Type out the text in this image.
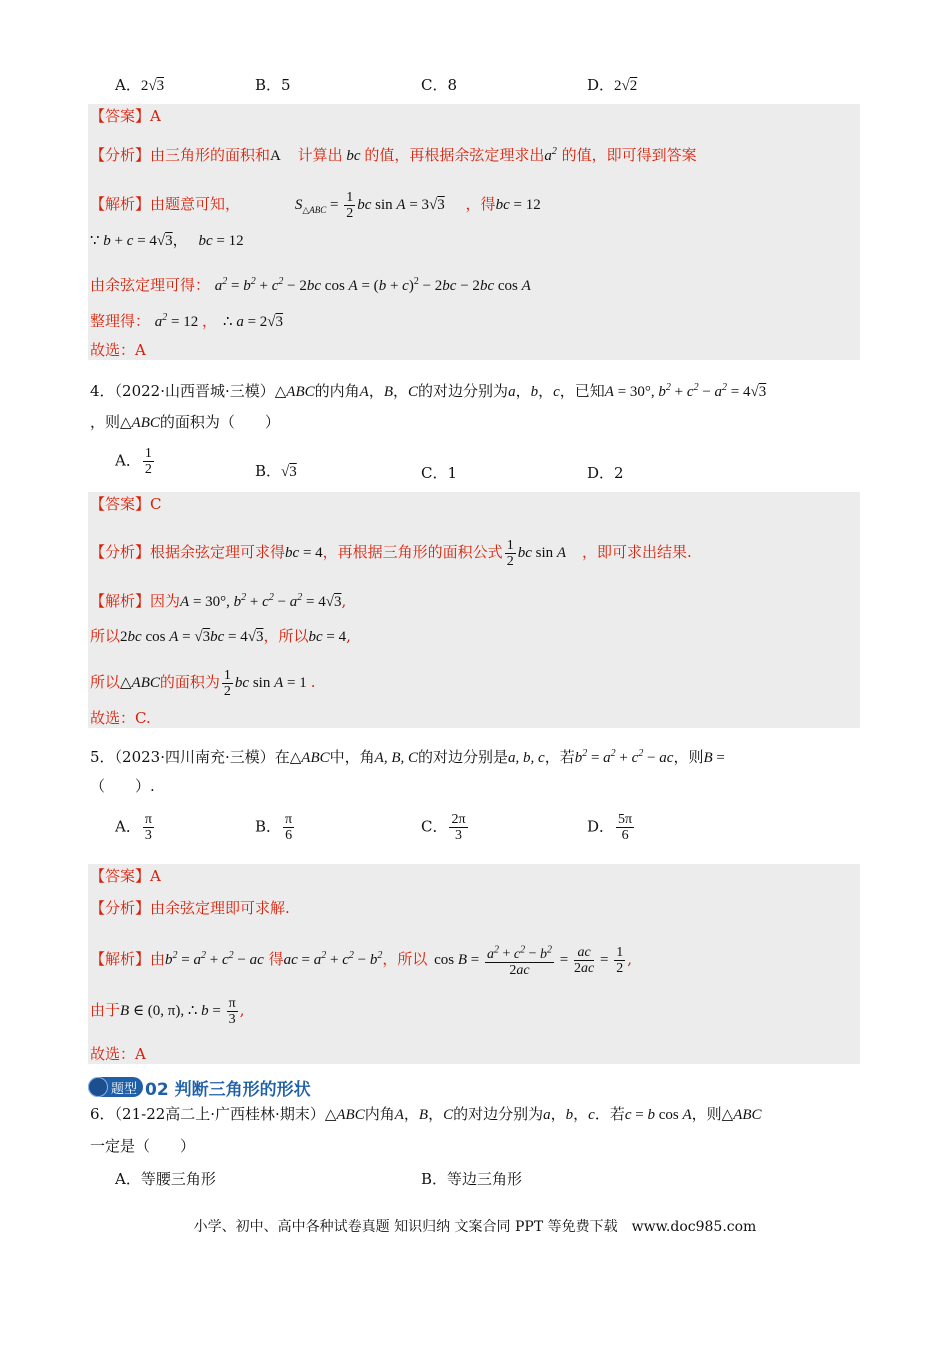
A．2√3	B．5	C．8	D．2√2
【答案】A
【分析】由三角形的面积和A 计算出 bc 的值，再根据余弦定理求出$a^2$ 的值，即可得到答案
【解析】由题意可知，	$S_{\triangle ABC} = \frac{1}{2}$ bc sin A = 3√3 ，得bc = 12
∵ b + c = 4√3， bc = 12
由余弦定理可得： $a^2 = b^2 + c^2 - 2bc$ $\cos A = (b + c)^2 - 2bc - 2bc$ cos A
整理得： $a^2 = 12$ ， ∴ a = 2√3
故选：A
4．（2022·山西晋城·三模）△ABC的内角A，B，C的对边分别为a，b，c，已知A = 30°, $b^2 + c^2 - a^2 = 4√3$
，则△ABC的面积为（　　）
A． $\frac{1}{2}$	B．√3	C．1	D．2
【答案】C
【分析】根据余弦定理可求得bc = 4，再根据三角形的面积公式 $\frac{1}{2}$ bc sin A ，即可求出结果.
【解析】因为A = 30°, $b^2 + c^2 - a^2 = 4√3$,
所以2bc cos A = √3bc = 4√3，所以bc = 4,
所以△ABC的面积为 $\frac{1}{2}$ bc sin A = 1 .
故选：C.
5．（2023·四川南充·三模）在△ABC中，角A, B, C的对边分别是a, b, c，若$b^2 = a^2 + c^2$ − ac，则B =
（　　）.
A． $\frac{\pi}{3}$	B． $\frac{\pi}{6}$	C． $\frac{2\pi}{3}$	D． $\frac{5\pi}{6}$
【答案】A
【分析】由余弦定理即可求解.
【解析】由$b^2 = a^2 + c^2$ − ac 得ac = $a^2 + c^2 - b^2$，所以 $\cos B = \frac{a^2 + c^2 - b^2}{2ac} = \frac{ac}{2ac} = \frac{1}{2}$ ,
由于B ∈ (0, π), ∴ $b = \frac{\pi}{3}$ ,
故选：A
题型 02 判断三角形的形状
6．（21-22高二上·广西桂林·期末）△ABC内角A，B，C的对边分别为a，b，c．若c = b cos A，则△ABC
一定是（　　）
A．等腰三角形	B．等边三角形
小学、初中、高中各种试卷真题 知识归纳 文案合同 PPT 等免费下载　www.doc985.com
